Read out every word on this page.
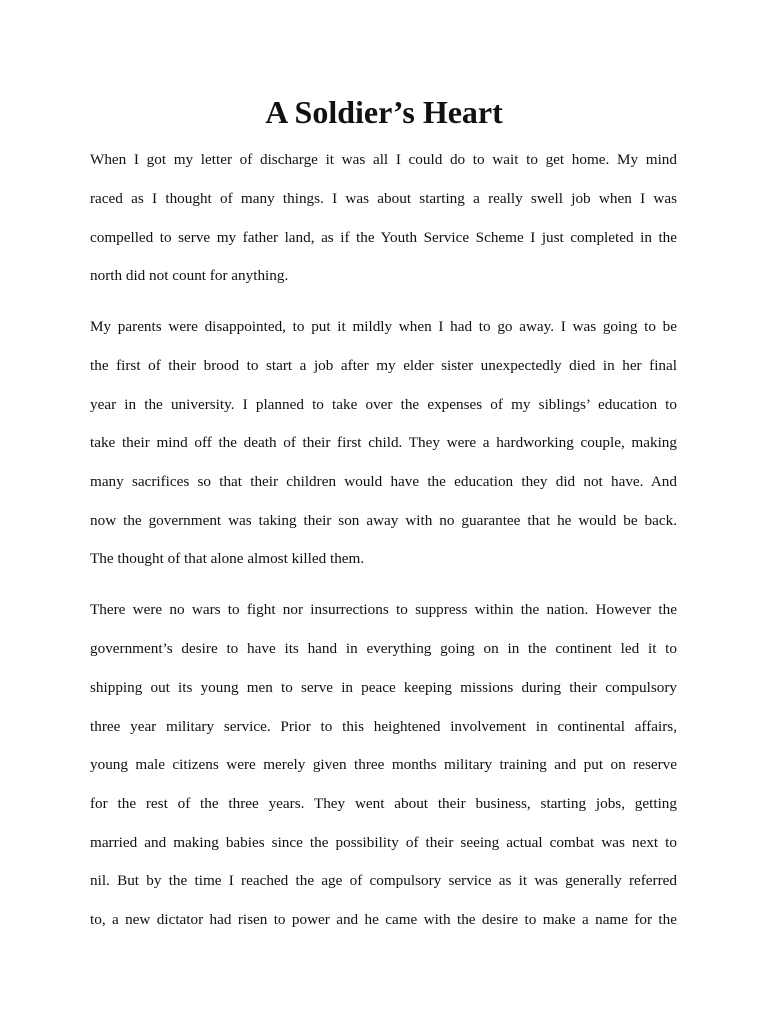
A Soldier’s Heart

When I got my letter of discharge it was all I could do to wait to get home. My mind

raced as I thought of many things. I was about starting a really swell job when I was

compelled to serve my father land, as if the Youth Service Scheme I just completed in the

north did not count for anything.

My parents were disappointed, to put it mildly when I had to go away. I was going to be

the first of their brood to start a job after my elder sister unexpectedly died in her final

year in the university. I planned to take over the expenses of my siblings’ education to

take their mind off the death of their first child. They were a hardworking couple, making

many sacrifices so that their children would have the education they did not have. And

now the government was taking their son away with no guarantee that he would be back.

The thought of that alone almost killed them.

There were no wars to fight nor insurrections to suppress within the nation. However the

government’s desire to have its hand in everything going on in the continent led it to

shipping out its young men to serve in peace keeping missions during their compulsory

three year military service. Prior to this heightened involvement in continental affairs,

young male citizens were merely given three months military training and put on reserve

for the rest of the three years. They went about their business, starting jobs, getting

married and making babies since the possibility of their seeing actual combat was next to

nil. But by the time I reached the age of compulsory service as it was generally referred

to, a new dictator had risen to power and he came with the desire to make a name for the
